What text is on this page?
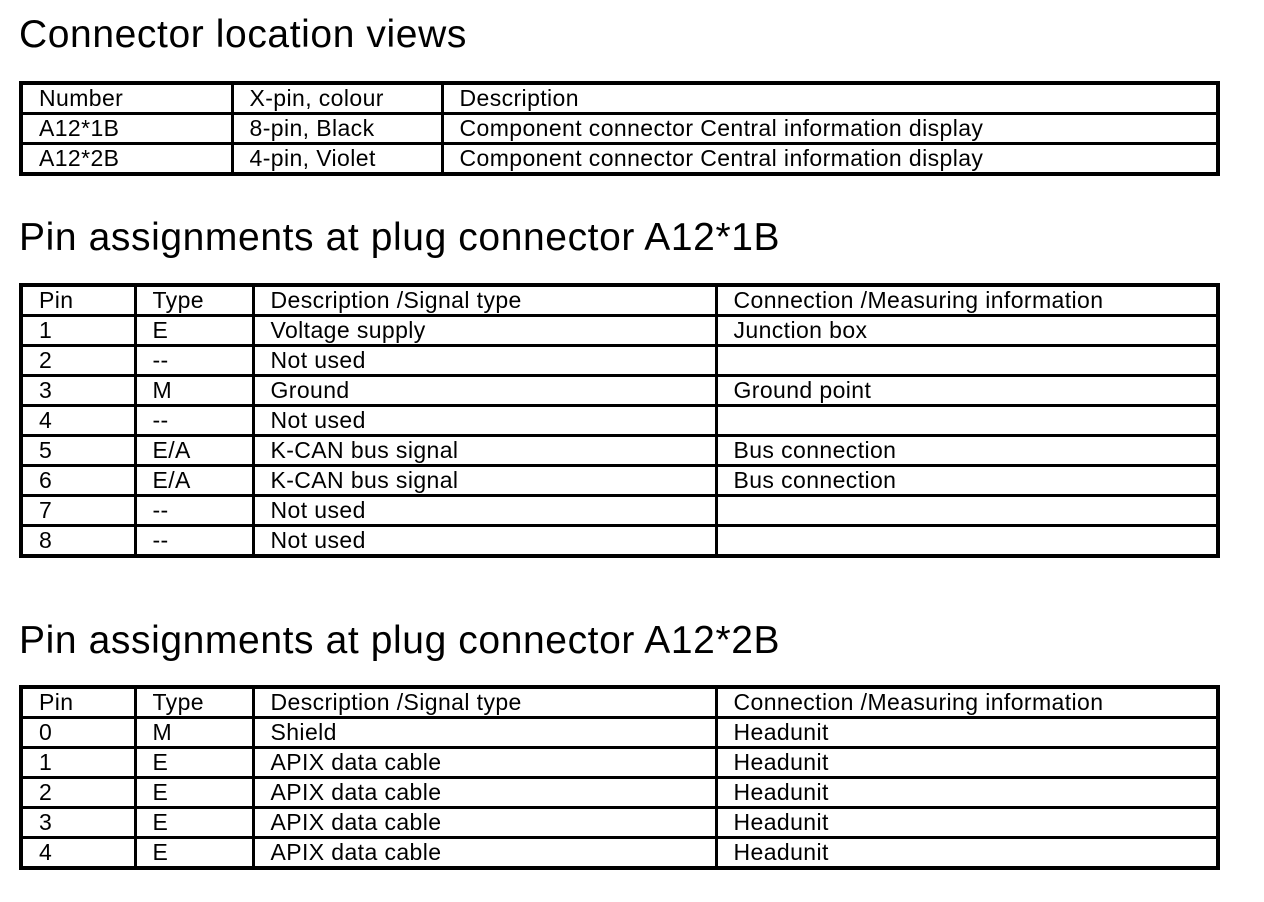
Connector location views
Number	X-pin, colour	Description
A12*1B	8-pin, Black	Component connector Central information display
A12*2B	4-pin, Violet	Component connector Central information display
Pin assignments at plug connector A12*1B
Pin	Type	Description /Signal type	Connection /Measuring information
1	E	Voltage supply	Junction box
2	--	Not used	
3	M	Ground	Ground point
4	--	Not used	
5	E/A	K-CAN bus signal	Bus connection
6	E/A	K-CAN bus signal	Bus connection
7	--	Not used	
8	--	Not used	
Pin assignments at plug connector A12*2B
Pin	Type	Description /Signal type	Connection /Measuring information
0	M	Shield	Headunit
1	E	APIX data cable	Headunit
2	E	APIX data cable	Headunit
3	E	APIX data cable	Headunit
4	E	APIX data cable	Headunit
